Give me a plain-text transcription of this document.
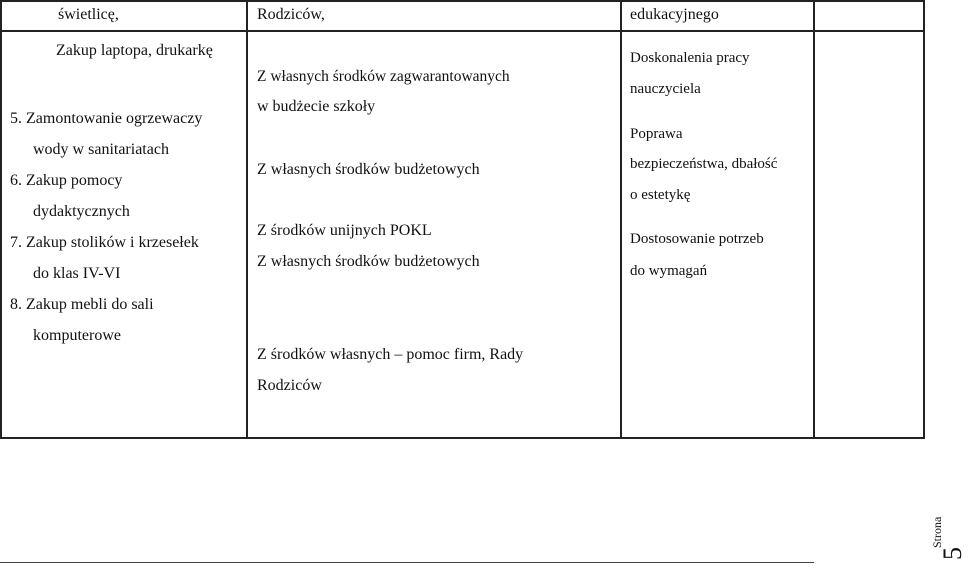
świetlicę,
Zakup laptopa, drukarkę
5. Zamontowanie ogrzewaczy
wody w sanitariatach
6. Zakup pomocy
dydaktycznych
7. Zakup stolików i krzesełek
do klas IV-VI
8. Zakup mebli do sali
komputerowe
Rodziców,
Z własnych środków zagwarantowanych
w budżecie szkoły
Z własnych środków budżetowych
Z środków unijnych POKL
Z własnych środków budżetowych
Z środków własnych – pomoc firm, Rady
Rodziców
edukacyjnego
Doskonalenia pracy
nauczyciela
Poprawa
bezpieczeństwa, dbałość
o estetykę
Dostosowanie potrzeb
do wymagań
Strona
5
